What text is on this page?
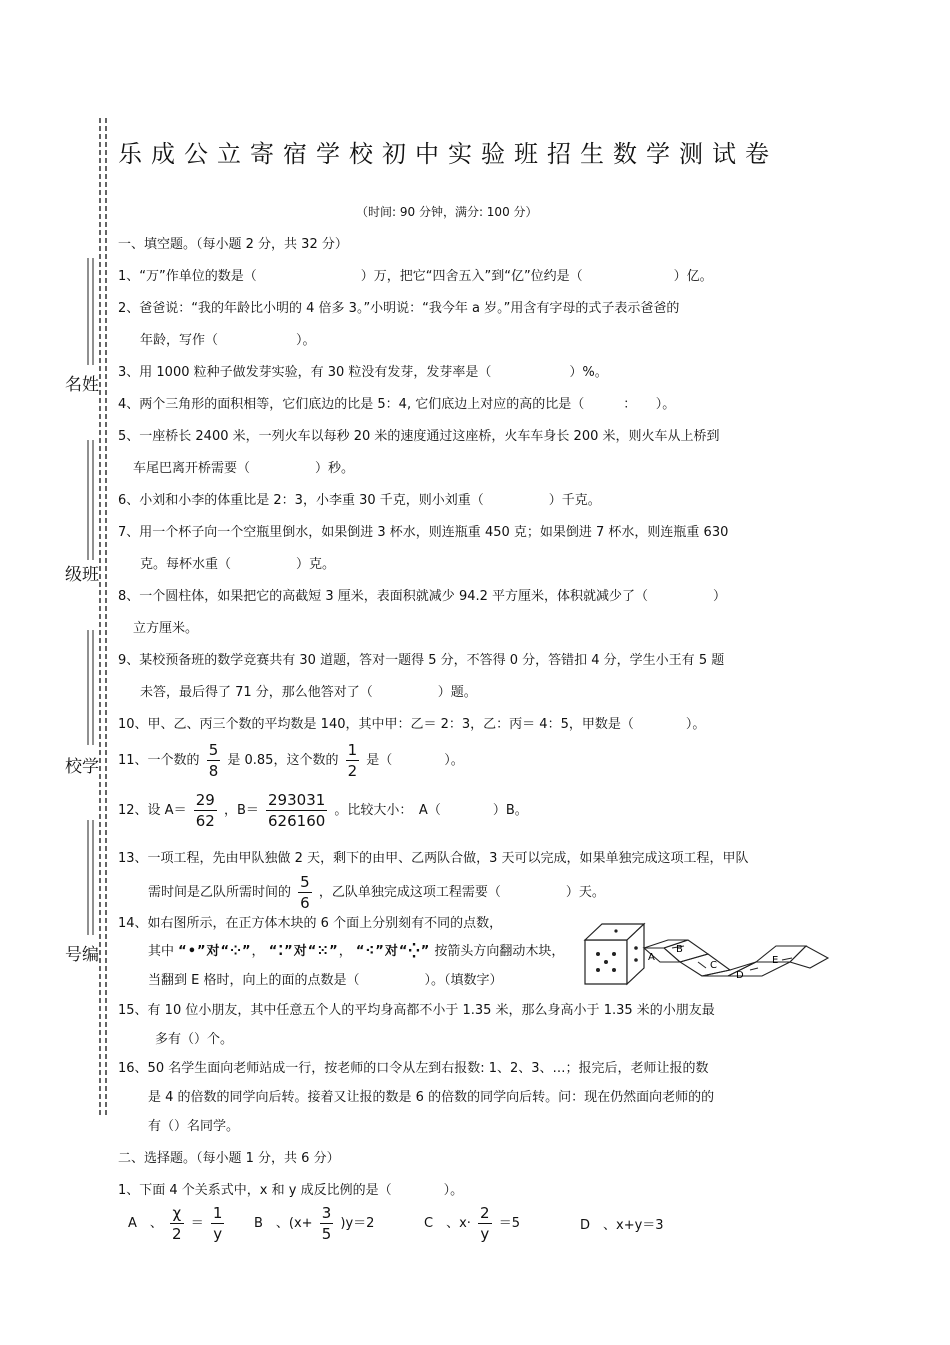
名姓
级班
校学
号编
乐成公立寄宿学校初中实验班招生数学测试卷
（时间: 90 分钟，满分: 100 分）
一、填空题。（每小题 2 分，共 32 分）
1、“万”作单位的数是（　　　　　　　　）万，把它“四舍五入”到“亿”位约是（　　　　　　　）亿。
2、爸爸说：“我的年龄比小明的 4 倍多 3。”小明说：“我今年 a 岁。”用含有字母的式子表示爸爸的
年龄，写作（　　　　　　）。
3、用 1000 粒种子做发芽实验，有 30 粒没有发芽，发芽率是（　　　　　　）%。
4、两个三角形的面积相等，它们底边的比是 5：4, 它们底边上对应的高的比是（　　　：　　）。
5、一座桥长 2400 米，一列火车以每秒 20 米的速度通过这座桥，火车车身长 200 米，则火车从上桥到
车尾巴离开桥需要（　　　　　）秒。
6、小刘和小李的体重比是 2：3，小李重 30 千克，则小刘重（　　　　　）千克。
7、用一个杯子向一个空瓶里倒水，如果倒进 3 杯水，则连瓶重 450 克；如果倒进 7 杯水，则连瓶重 630
克。每杯水重（　　　　　）克。
8、一个圆柱体，如果把它的高截短 3 厘米，表面积就减少 94.2 平方厘米，体积就减少了（　　　　　）
立方厘米。
9、某校预备班的数学竞赛共有 30 道题，答对一题得 5 分，不答得 0 分，答错扣 4 分，学生小王有 5 题
未答，最后得了 71 分，那么他答对了（　　　　　）题。
10、甲、乙、丙三个数的平均数是 140，其中甲：乙＝ 2：3，乙：丙＝ 4：5，甲数是（　　　　）。
11、一个数的 $\frac{5}{8}$ 是 0.85，这个数的 $\frac{1}{2}$ 是（　　　　）。
12、设 $A= \frac{29}{62}$ ，$B= \frac{293031}{626160}$ 。比较大小：　A（　　　　）B。
13、一项工程，先由甲队独做 2 天，剩下的由甲、乙两队合做，3 天可以完成，如果单独完成这项工程，甲队
需时间是乙队所需时间的 $\frac{5}{6}$ ，乙队单独完成这项工程需要（　　　　　）天。
14、如右图所示，在正方体木块的 6 个面上分别刻有不同的点数，
其中 “•”对“⁘”， “⁚”对“⁙”， “⁖”对“⁛” 按箭头方向翻动木块，
当翻到 E 格时，向上的面的点数是（　　　　　）。（填数字）
A
B
C
D
E
15、有 10 位小朋友，其中任意五个人的平均身高都不小于 1.35 米，那么身高小于 1.35 米的小朋友最
多有（）个。
16、50 名学生面向老师站成一行，按老师的口令从左到右报数: 1、2、3、…；报完后，老师让报的数
是 4 的倍数的同学向后转。接着又让报的数是 6 的倍数的同学向后转。问：现在仍然面向老师的的
有（）名同学。
二、选择题。（每小题 1 分，共 6 分）
1、下面 4 个关系式中，x 和 y 成反比例的是（　　　　）。
A　、 $\frac{\chi}{2} = \frac{1}{y}$ B　、$(x+ \frac{3}{5} )y=2$	C　、$x\cdot \frac{2}{y} =5$	D　、x+y＝3
